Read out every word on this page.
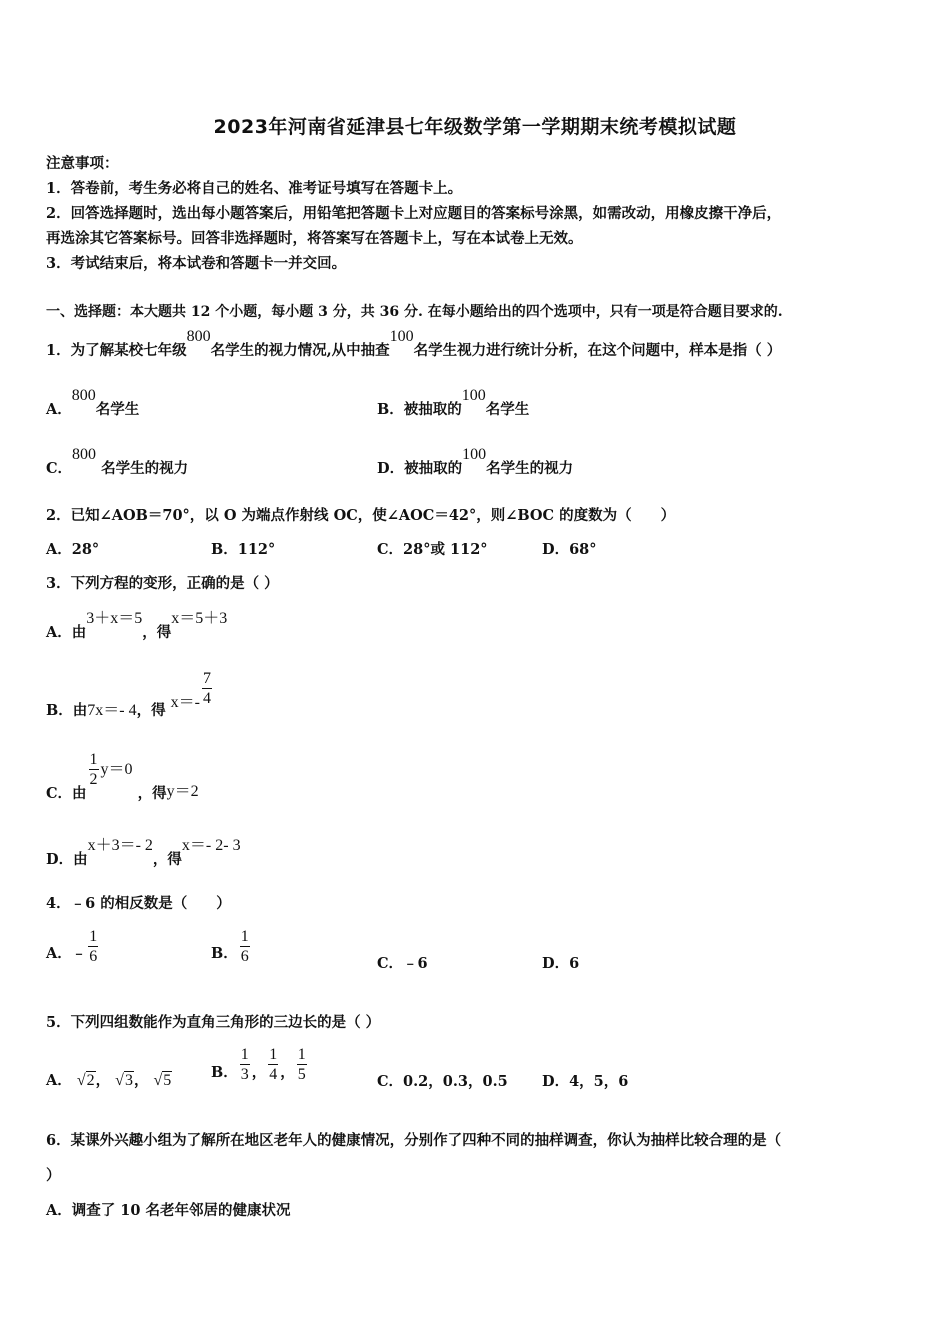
2023年河南省延津县七年级数学第一学期期末统考模拟试题
注意事项：
1．答卷前，考生务必将自己的姓名、准考证号填写在答题卡上。
2．回答选择题时，选出每小题答案后，用铅笔把答题卡上对应题目的答案标号涂黑，如需改动，用橡皮擦干净后，
再选涂其它答案标号。回答非选择题时，将答案写在答题卡上，写在本试卷上无效。
3．考试结束后，将本试卷和答题卡一并交回。
一、选择题：本大题共 12 个小题，每小题 3 分，共 36 分. 在每小题给出的四个选项中，只有一项是符合题目要求的.
1．为了解某校七年级800名学生的视力情况,从中抽查100名学生视力进行统计分析，在这个问题中，样本是指（ ）
A．800名学生	B．被抽取的100名学生
C．800 名学生的视力	D．被抽取的100名学生的视力
2．已知∠AOB＝70°，以 O 为端点作射线 OC，使∠AOC＝42°，则∠BOC 的度数为（　　）
A．28°	B．112°	C．28°或 112°	D．68°
3．下列方程的变形，正确的是（ ）
A．由3＋x＝5，得x＝5＋3
B．由7x＝- 4，得 $x=- \frac{7}{4}$
C．由
$\frac{1}{2} y=0$ ，得y＝2
D．由x＋3＝- 2，得x＝- 2- 3
4．﹣6 的相反数是（　　）
A．﹣ $\frac{1}{6}$	B． $\frac{1}{6}$	C．﹣6	D．6
5．下列四组数能作为直角三角形的三边长的是（ ）
A． √2， √3， √5	B． $\frac{1}{3}$ ， $\frac{1}{4}$ ， $\frac{1}{5}$	C．0.2，0.3，0.5 D．4，5，6
6．某课外兴趣小组为了解所在地区老年人的健康情况，分别作了四种不同的抽样调查，你认为抽样比较合理的是（
）
A．调查了 10 名老年邻居的健康状况
